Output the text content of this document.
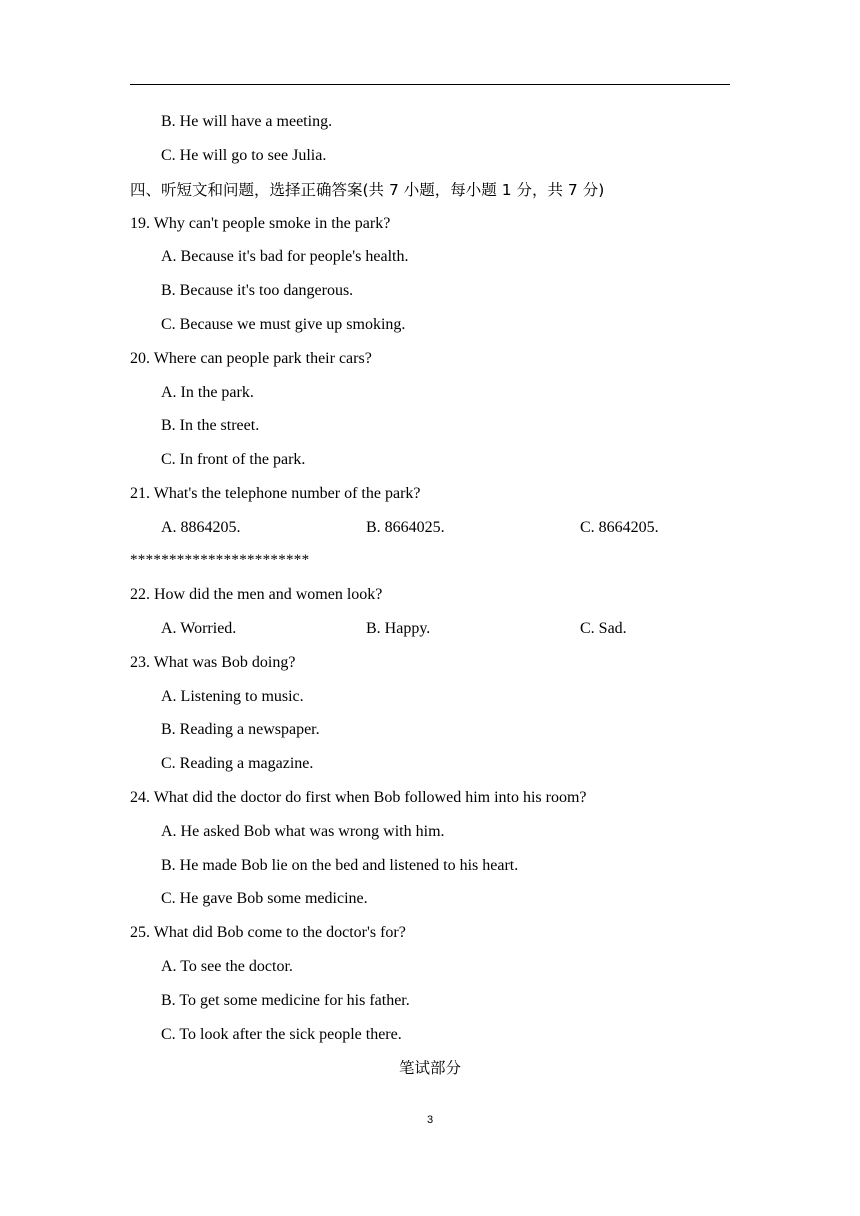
B. He will have a meeting.
C. He will go to see Julia.
四、听短文和问题，选择正确答案(共 7 小题，每小题 1 分，共 7 分)
19. Why can't people smoke in the park?
A. Because it's bad for people's health.
B. Because it's too dangerous.
C. Because we must give up smoking.
20. Where can people park their cars?
A. In the park.
B. In the street.
C. In front of the park.
21. What's the telephone number of the park?
A. 8864205.	B. 8664025.	C. 8664205.
***********************
22. How did the men and women look?
A. Worried.	B. Happy.	C. Sad.
23. What was Bob doing?
A. Listening to music.
B. Reading a newspaper.
C. Reading a magazine.
24. What did the doctor do first when Bob followed him into his room?
A. He asked Bob what was wrong with him.
B. He made Bob lie on the bed and listened to his heart.
C. He gave Bob some medicine.
25. What did Bob come to the doctor's for?
A. To see the doctor.
B. To get some medicine for his father.
C. To look after the sick people there.
笔试部分
3
